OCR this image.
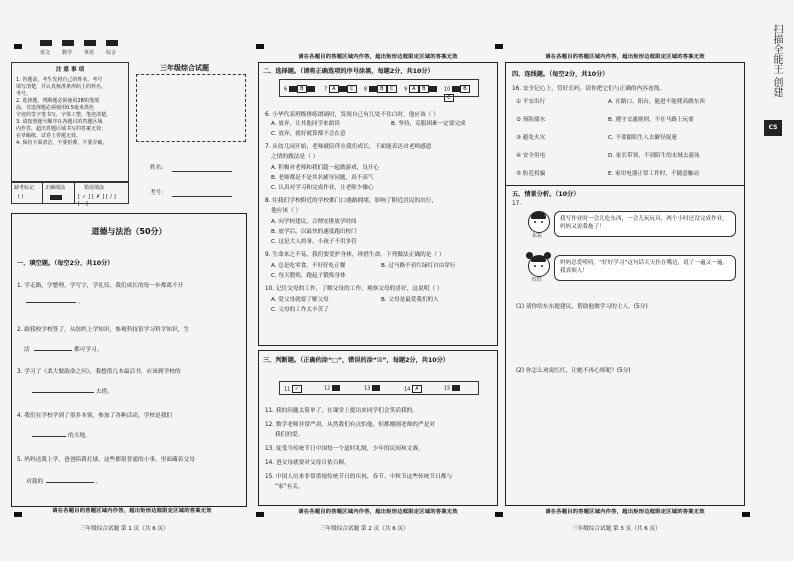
语文 数学 英语 综合
注 意 事 项
1. 答题前，考生先将自己的姓名、考号
填写清楚，并认真核准条形码上的姓名、
考号。
2. 选择题，判断题必须使用2B铅笔填
涂，非选择题必须使用0.5毫米黑色
字迹的签字笔书写，字体工整，笔迹清楚。
3. 请按照题号顺序在各题目的答题区域
内作答，超出答题区域书写的答案无效；
在草稿纸、试卷上答题无效。
4. 保持卡面清洁，不要折叠、不要弄破。
三年级综合试题
姓名：
考号：
缺考标记
( )
正确填涂	错误填涂
[✓][✗][/][-]
道德与法治（50分）
一、填空题。（每空2分，共10分）
1. 学走路，学整理，学写字，学礼仪，我们成长的每一步都离不开
。
2. 跟我校学校签了，从组织上学知识，参观科技馆学习科学知识，生
活	都可学习。
3. 学习了《柔大做韵命之问》，我想借几本最活书，应该到学校的
去借。
4. 我们在学校学到了很多本领，参加了各种活动，学校是我们
的天地。
5. 妈妈送我上学，爸爸陪我打球，这些都很普通的小事，里面藏着父母
对我的	。
请在各题目的答题区域内作答，超出矩形边框限定区域的答案无效
三年级综合试题 第 1 页（共 6 页）
请在各题目的答题区域内作答，超出矩形边框限定区域的答案无效
二、选择题。（请将正确选项的序号涂黑，每题2分，共10分）
6	B	7 A	C	8	B C	9 A B	10	BC
6. 小华代表班级排练朗诵时，发现自己有几处不住白时，他应该（ ）
A. 放弃，让其他同学来朗读	B. 坚持，克服困难一定要完成
C. 放弃，就好就算都不会在意
7. 从幼儿园开始，老师就陪伴在我们成长，下面能表达对老师感恩
之情的做法是（ ）
A. 积极对老师和我们超一起做游戏，良开心
B. 老师都是不是其名辅导同题，真不高气
C. 认真对学习和完成作业，让老师少操心
8. 往我们学校附近的学校都门口遇路拥堵，影响了附近居民的出行，
他应该（ ）
A. 向学校建议，合理安排放学时间
B. 放学后，以最快的速度跑出校门
C. 这是大人的事，小孩子不用多管
9. 生命来之不易，我们要爱护身体，珍惜生命。下列做法正确的是（ ）
A. 总是吃零食，不好好吃正餐	B. 过马路不看红绿灯自由穿行
C. 每天锻炼，跑起子锻炼身体
10. 记住父母的工作，了解父母的工作，观察父母的喜好，这说明（ ）
A. 爱父母就要了解父母	B. 父母是最爱我们的人
C. 父母的工作太辛苦了
三、判断题。（正确的涂“□”，错误的涂“☒”，每题2分，共10分）
11 ✓	12	13	14 ✗	15
11. 我的问题太简单了，在课堂上提出来同学们会笑话我的。
12. 数学老师非常严肃，从然我们有点怕他，但都刚刚老师的严是对
我们的爱。
13. 徒受当传统节日中国每一个道时礼级，少年的民间和文赛。
14. 爸父母就要对父母百依百顺。
15. 中国人历来非常重视传统节日的庆祝，春节、中秋节这些传统节日都与
“家”有关。
请在各题目的答题区域内作答，超出矩形边框限定区域的答案无效
三年级综合试题 第 2 页（共 6 页）
请在各题目的答题区域内作答，超出矩形边框限定区域的答案无效
四、连线题。（每空2分，共10分）
16. 安全记心上，管好长吗，请你把它们与正确的内容连线。
① 平安出行
② 预防溺水
③ 避免火灾
④ 安全用电
⑤ 防范拐骗
A. 在路口、阳台，能进不能爬高做东西
B. 遵守交通规则，不在马路上玩耍
C. 不要跟陌生人去僻径捉迷
D. 家长带领，不到陌生的水域去游泳
E. 家用电器正常工作时，不随意触动
五、情景分析。（10分）
17.
东东
我写作业时一会儿吃东西，一会儿玩玩具，两个小时还没完成作业，妈妈又说我拖了！
红红
妈妈总爱唠叨，“好好学习”这句话天天挂在嘴边，说了一遍又一遍，我真烦人！
(1) 请你给东东提建议，帮助他做学习的主人。(5分)
(2) 你怎么劝说红红，让她不再心烦呢？(5分)
请在各题目的答题区域内作答，超出矩形边框限定区域的答案无效
三年级综合试题 第 3 页（共 6 页）
CS
扫描全能王 创建
